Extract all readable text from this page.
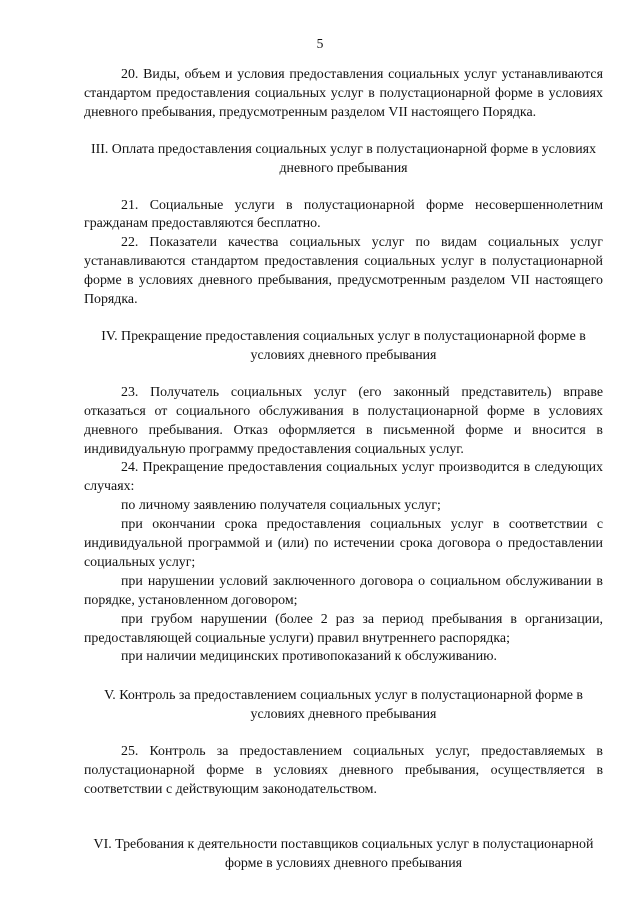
5

20. Виды, объем и условия предоставления социальных услуг устанавливаются стандартом предоставления социальных услуг в полустационарной форме в условиях дневного пребывания, предусмотренным разделом VII настоящего Порядка.

III. Оплата предоставления социальных услуг в полустационарной форме в условиях дневного пребывания

21. Социальные услуги в полустационарной форме несовершеннолетним гражданам предоставляются бесплатно.

22. Показатели качества социальных услуг по видам социальных услуг устанавливаются стандартом предоставления социальных услуг в полустационарной форме в условиях дневного пребывания, предусмотренным разделом VII настоящего Порядка.

IV. Прекращение предоставления социальных услуг в полустационарной форме в условиях дневного пребывания

23. Получатель социальных услуг (его законный представитель) вправе отказаться от социального обслуживания в полустационарной форме в условиях дневного пребывания. Отказ оформляется в письменной форме и вносится в индивидуальную программу предоставления социальных услуг.

24. Прекращение предоставления социальных услуг производится в следующих случаях:

по личному заявлению получателя социальных услуг;

при окончании срока предоставления социальных услуг в соответствии с индивидуальной программой и (или) по истечении срока договора о предоставлении социальных услуг;

при нарушении условий заключенного договора о социальном обслуживании в порядке, установленном договором;

при грубом нарушении (более 2 раз за период пребывания в организации, предоставляющей социальные услуги) правил внутреннего распорядка;

при наличии медицинских противопоказаний к обслуживанию.

V. Контроль за предоставлением социальных услуг в полустационарной форме в условиях дневного пребывания

25. Контроль за предоставлением социальных услуг, предоставляемых в полустационарной форме в условиях дневного пребывания, осуществляется в соответствии с действующим законодательством.

VI. Требования к деятельности поставщиков социальных услуг в полустационарной форме в условиях дневного пребывания
